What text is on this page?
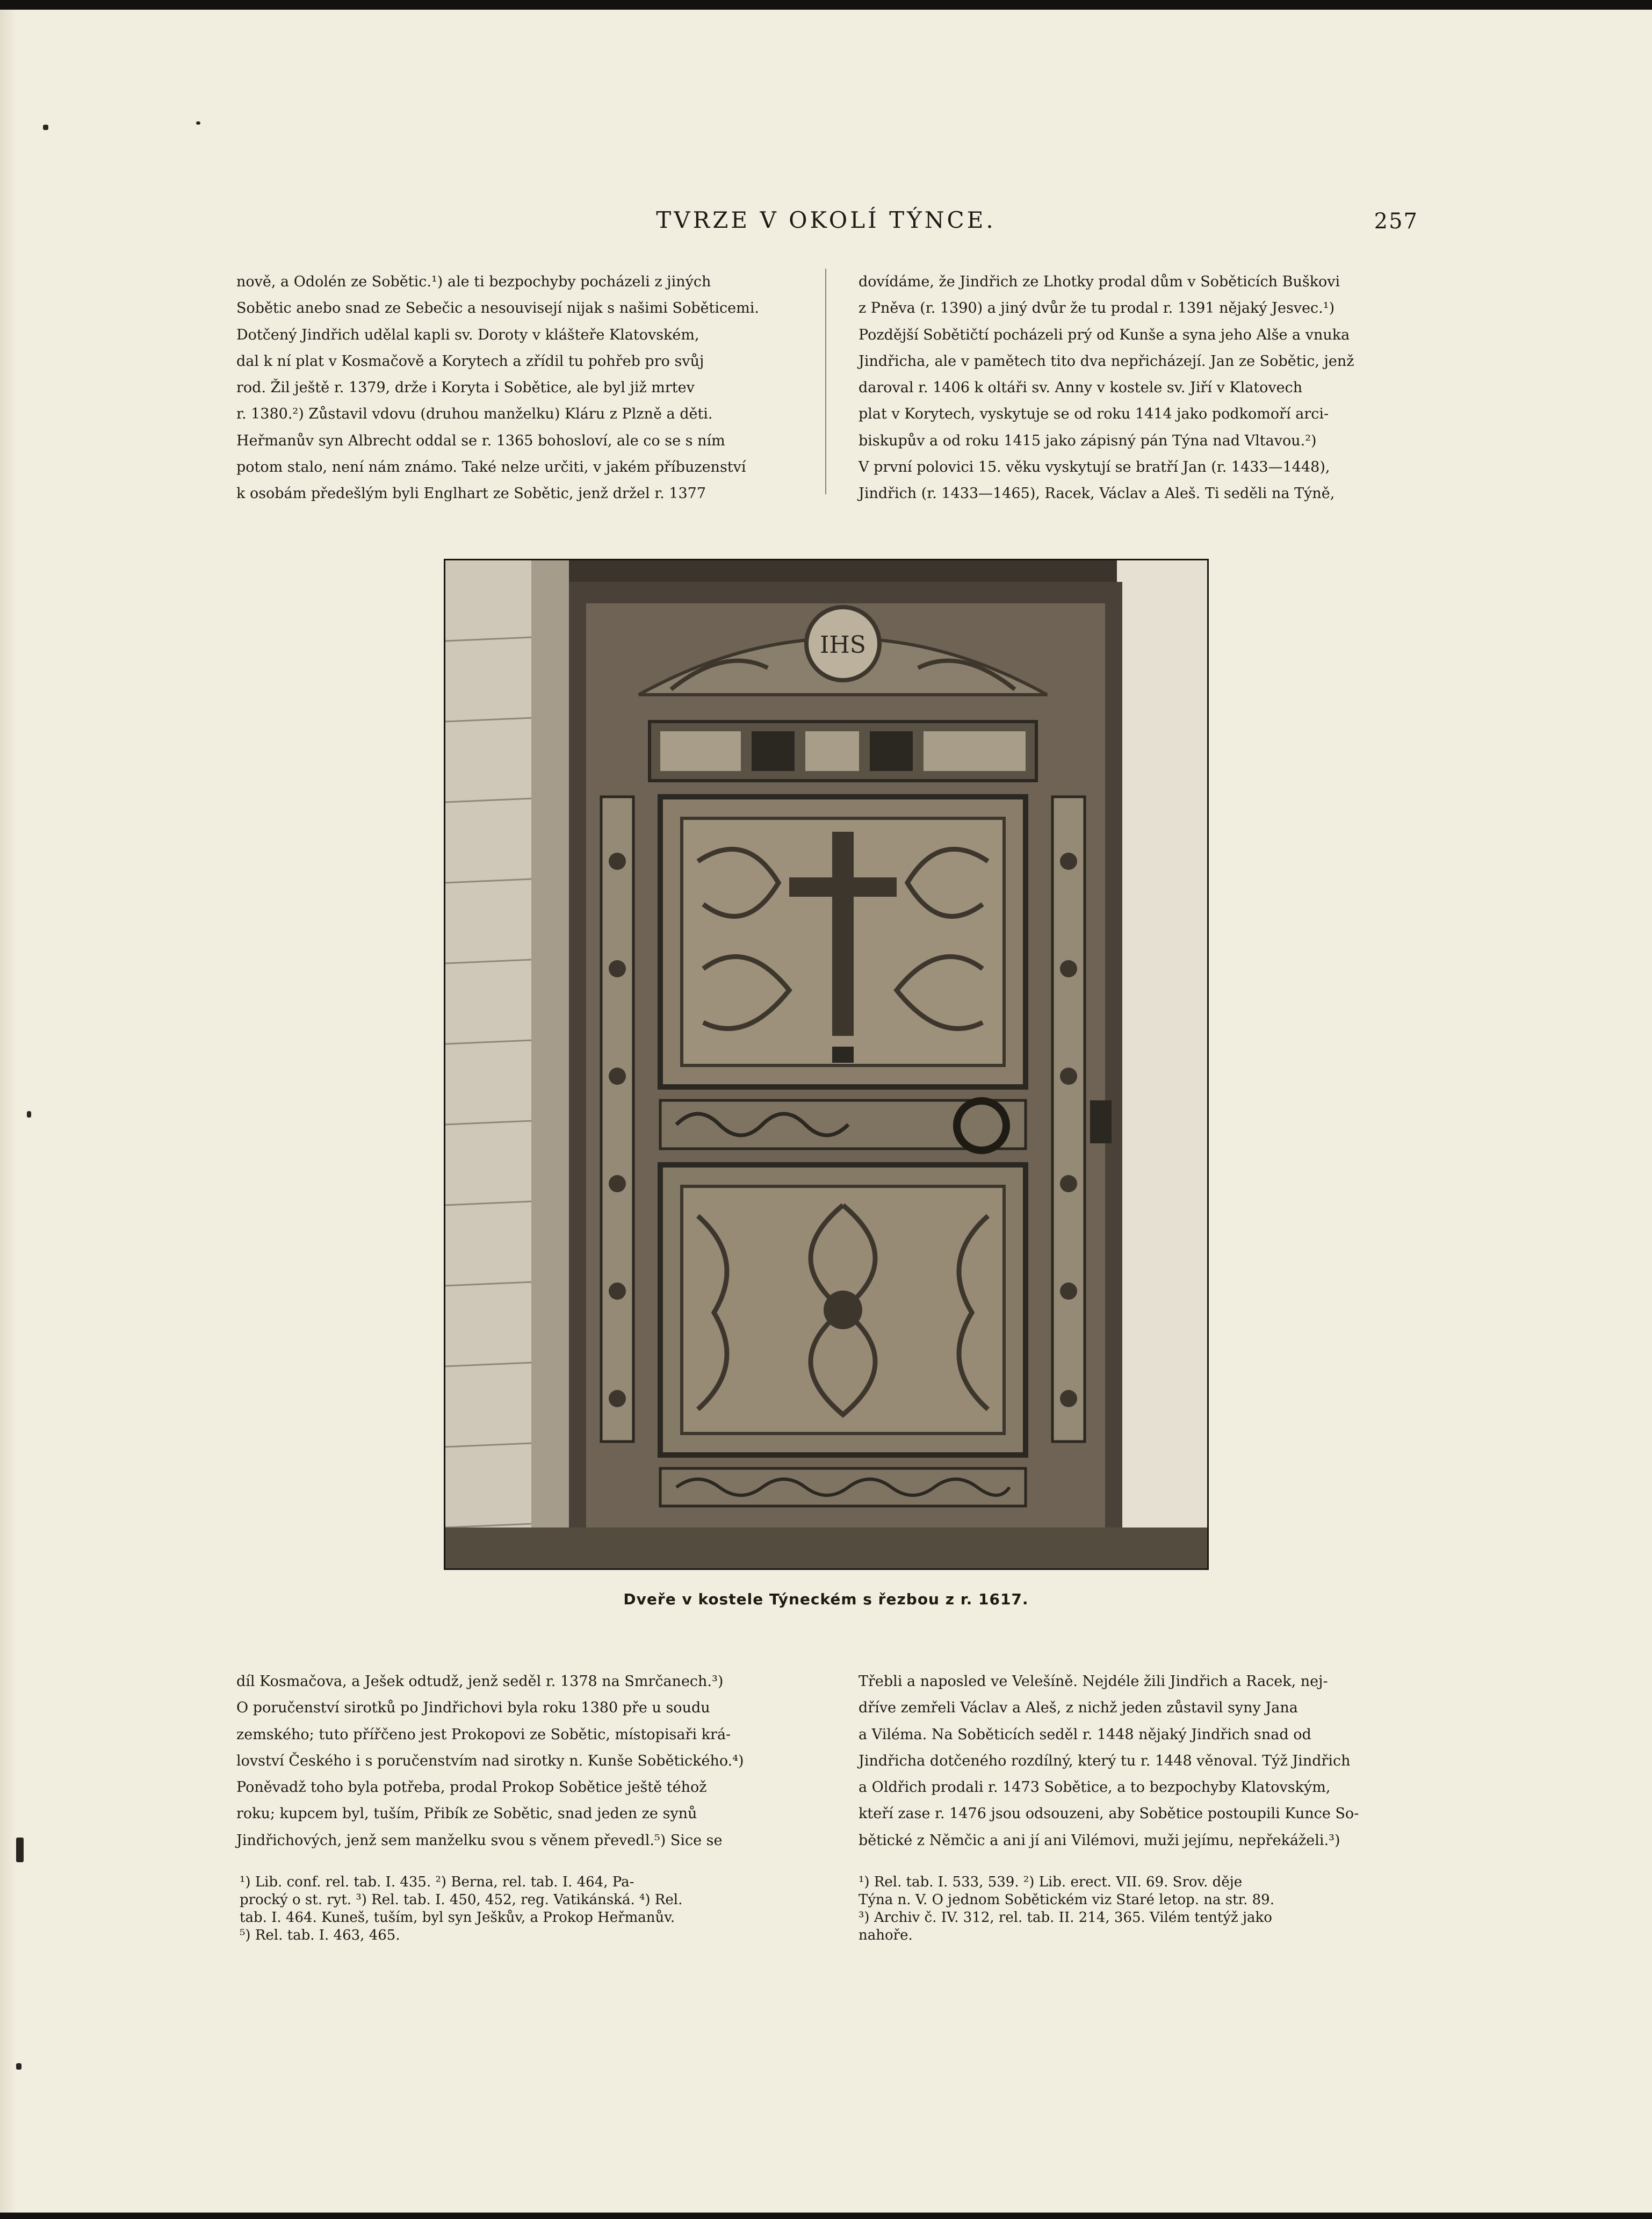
TVRZE V OKOLÍ TÝNCE.	257

nově, a Odolén ze Sobětic.¹) ale ti bezpochyby pocházeli z jiných

Sobětic anebo snad ze Sebečic a nesouvisejí nijak s našimi Soběticemi.

Dotčený Jindřich udělal kapli sv. Doroty v klášteře Klatovském,

dal k ní plat v Kosmačově a Korytech a zřídil tu pohřeb pro svůj

rod. Žil ještě r. 1379, drže i Koryta i Sobětice, ale byl již mrtev

r. 1380.²) Zůstavil vdovu (druhou manželku) Kláru z Plzně a děti.

Heřmanův syn Albrecht oddal se r. 1365 bohosloví, ale co se s ním

potom stalo, není nám známo. Také nelze určiti, v jakém příbuzenství

k osobám předešlým byli Englhart ze Sobětic, jenž držel r. 1377

dovídáme, že Jindřich ze Lhotky prodal dům v Soběticích Buškovi

z Pněva (r. 1390) a jiný dvůr že tu prodal r. 1391 nějaký Jesvec.¹)

Pozdější Sobětičtí pocházeli prý od Kunše a syna jeho Alše a vnuka

Jindřicha, ale v pamětech tito dva nepřicházejí. Jan ze Sobětic, jenž

daroval r. 1406 k oltáři sv. Anny v kostele sv. Jiří v Klatovech

plat v Korytech, vyskytuje se od roku 1414 jako podkomoří arci-

biskupův a od roku 1415 jako zápisný pán Týna nad Vltavou.²)

V první polovici 15. věku vyskytují se bratří Jan (r. 1433—1448),

Jindřich (r. 1433—1465), Racek, Václav a Aleš. Ti seděli na Týně,

IHS
Dveře v kostele Týneckém s řezbou z r. 1617.

díl Kosmačova, a Ješek odtudž, jenž seděl r. 1378 na Smrčanech.³)

O poručenství sirotků po Jindřichovi byla roku 1380 pře u soudu

zemského; tuto přířčeno jest Prokopovi ze Sobětic, místopisaři krá-

lovství Českého i s poručenstvím nad sirotky n. Kunše Sobětického.⁴)

Poněvadž toho byla potřeba, prodal Prokop Sobětice ještě téhož

roku; kupcem byl, tuším, Přibík ze Sobětic, snad jeden ze synů

Jindřichových, jenž sem manželku svou s věnem převedl.⁵) Sice se

Třebli a naposled ve Velešíně. Nejdéle žili Jindřich a Racek, nej-

dříve zemřeli Václav a Aleš, z nichž jeden zůstavil syny Jana

a Viléma. Na Soběticích seděl r. 1448 nějaký Jindřich snad od

Jindřicha dotčeného rozdílný, který tu r. 1448 věnoval. Týž Jindřich

a Oldřich prodali r. 1473 Sobětice, a to bezpochyby Klatovským,

kteří zase r. 1476 jsou odsouzeni, aby Sobětice postoupili Kunce So-

bětické z Němčic a ani jí ani Vilémovi, muži jejímu, nepřekáželi.³)

¹) Lib. conf. rel. tab. I. 435. ²) Berna, rel. tab. I. 464, Pa-

procký o st. ryt. ³) Rel. tab. I. 450, 452, reg. Vatikánská. ⁴) Rel.

tab. I. 464. Kuneš, tuším, byl syn Ješkův, a Prokop Heřmanův.

⁵) Rel. tab. I. 463, 465.

¹) Rel. tab. I. 533, 539. ²) Lib. erect. VII. 69. Srov. děje

Týna n. V. O jednom Sobětickém viz Staré letop. na str. 89.

³) Archiv č. IV. 312, rel. tab. II. 214, 365. Vilém tentýž jako

nahoře.
